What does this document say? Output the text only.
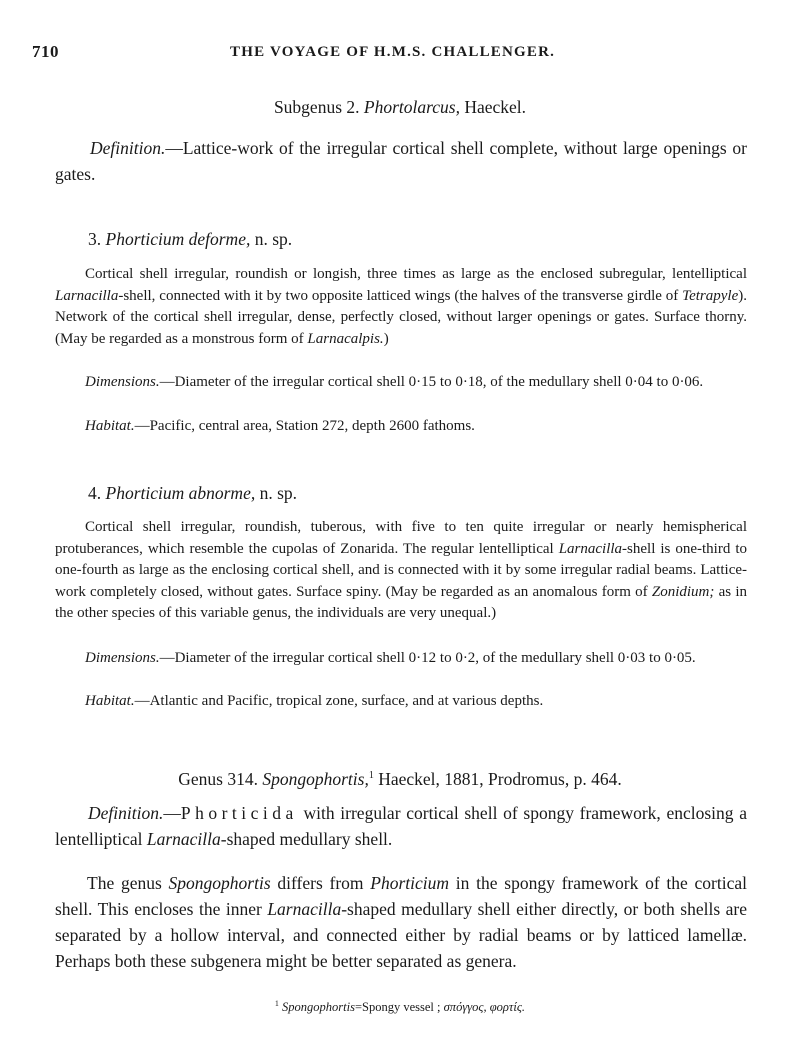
710	THE VOYAGE OF H.M.S. CHALLENGER.
Subgenus 2. Phortolarcus, Haeckel.
Definition.—Lattice-work of the irregular cortical shell complete, without large openings or gates.
3. Phorticium deforme, n. sp.
Cortical shell irregular, roundish or longish, three times as large as the enclosed subregular, lentelliptical Larnacilla-shell, connected with it by two opposite latticed wings (the halves of the transverse girdle of Tetrapyle). Network of the cortical shell irregular, dense, perfectly closed, without larger openings or gates. Surface thorny. (May be regarded as a monstrous form of Larnacalpis.)
Dimensions.—Diameter of the irregular cortical shell 0·15 to 0·18, of the medullary shell 0·04 to 0·06.
Habitat.—Pacific, central area, Station 272, depth 2600 fathoms.
4. Phorticium abnorme, n. sp.
Cortical shell irregular, roundish, tuberous, with five to ten quite irregular or nearly hemispherical protuberances, which resemble the cupolas of Zonarida. The regular lentelliptical Larnacilla-shell is one-third to one-fourth as large as the enclosing cortical shell, and is connected with it by some irregular radial beams. Lattice-work completely closed, without gates. Surface spiny. (May be regarded as an anomalous form of Zonidium; as in the other species of this variable genus, the individuals are very unequal.)
Dimensions.—Diameter of the irregular cortical shell 0·12 to 0·2, of the medullary shell 0·03 to 0·05.
Habitat.—Atlantic and Pacific, tropical zone, surface, and at various depths.
Genus 314. Spongophortis,$^1$ Haeckel, 1881, Prodromus, p. 464.
Definition.—Phorticida with irregular cortical shell of spongy framework, enclosing a lentelliptical Larnacilla-shaped medullary shell.
The genus Spongophortis differs from Phorticium in the spongy framework of the cortical shell. This encloses the inner Larnacilla-shaped medullary shell either directly, or both shells are separated by a hollow interval, and connected either by radial beams or by latticed lamellæ. Perhaps both these subgenera might be better separated as genera.
$^1$ Spongophortis=Spongy vessel ; σπόγγος, φορτίς.
